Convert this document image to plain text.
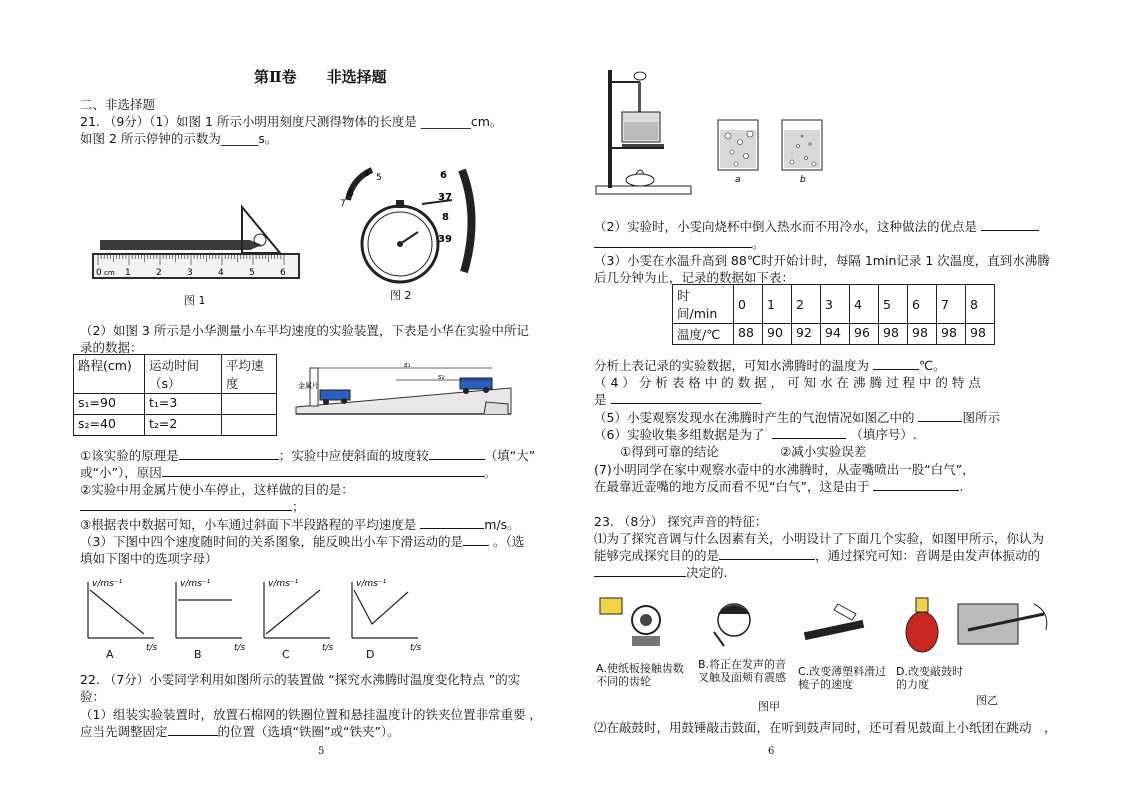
第Ⅱ卷　　非选择题
二、非选择题
21. （9分）（1）如图 1 所示小明用刻度尺测得物体的长度是 ________cm。
如图 2 所示停钟的示数为______s。
0	1	2	3	4	5	6
cm
图 1
5
4
6
7
6
37
8
39
图 2
（2）如图 3 所示是小华测量小车平均速度的实验装置，下表是小华在实验中所记
录的数据：
路程(cm)	运动时间（s）	平均速度
s₁=90	t₁=3	
s₂=40	t₂=2	
金属片
s₁
s₂
①该实验的原理是	；实验中应使斜面的坡度较	（填“大”
或“小”），原因	。
②实验中用金属片使小车停止，这样做的目的是：
；
③根据表中数据可知，小车通过斜面下半段路程的平均速度是	m/s。
（3）下图中四个速度随时间的关系图象，能反映出小车下滑运动的是 。（选
填如下图中的选项字母）
v/ms⁻¹
t/s
v/ms⁻¹
t/s
v/ms⁻¹
t/s
v/ms⁻¹
t/s
A	B	C	D
22. （7分）小雯同学利用如图所示的装置做 “探究水沸腾时温度变化特点 ”的实
验：
（1）组装实验装置时，放置石棉网的铁圈位置和悬挂温度计的铁夹位置非常重要 ，
应当先调整固定	的位置（选填“铁圈”或“铁夹”）。
5
a	b
（2）实验时，小雯向烧杯中倒入热水而不用冷水，这种做法的优点是
。
（3）小雯在水温升高到 88℃时开始计时，每隔 1min记录 1 次温度，直到水沸腾
后几分钟为止，记录的数据如下表：
时间/min	0	1	2	3	4	5	6	7	8
温度/℃	88	90	92	94	96	98	98	98	98
分析上表记录的实验数据，可知水沸腾时的温度为	℃。
（ 4 ） 分 析 表 格 中 的 数 据 ， 可 知 水 在 沸 腾 过 程 中 的 特 点
是
（5）小雯观察发现水在沸腾时产生的气泡情况如图乙中的	图所示
（6）实验收集多组数据是为了	（填序号）.
①得到可靠的结论	②减小实验误差
(7)小明同学在家中观察水壶中的水沸腾时，从壶嘴喷出一股“白气”，
在最靠近壶嘴的地方反而看不见“白气”，这是由于	.
23. （8分） 探究声音的特征：
⑴为了探究音调与什么因素有关，小明设计了下面几个实验，如图甲所示，你认为
能够完成探究目的的是	，通过探究可知：音调是由发声体振动的
决定的.
A.使纸板接触齿数不同的齿轮
B.将正在发声的音叉触及面颊有震感 C.改变薄塑料滑过梳子的速度
D.改变敲鼓时的力度
图甲	图乙
⑵在敲鼓时，用鼓锤敲击鼓面，在听到鼓声同时，还可看见鼓面上小纸团在跳动　，
6
